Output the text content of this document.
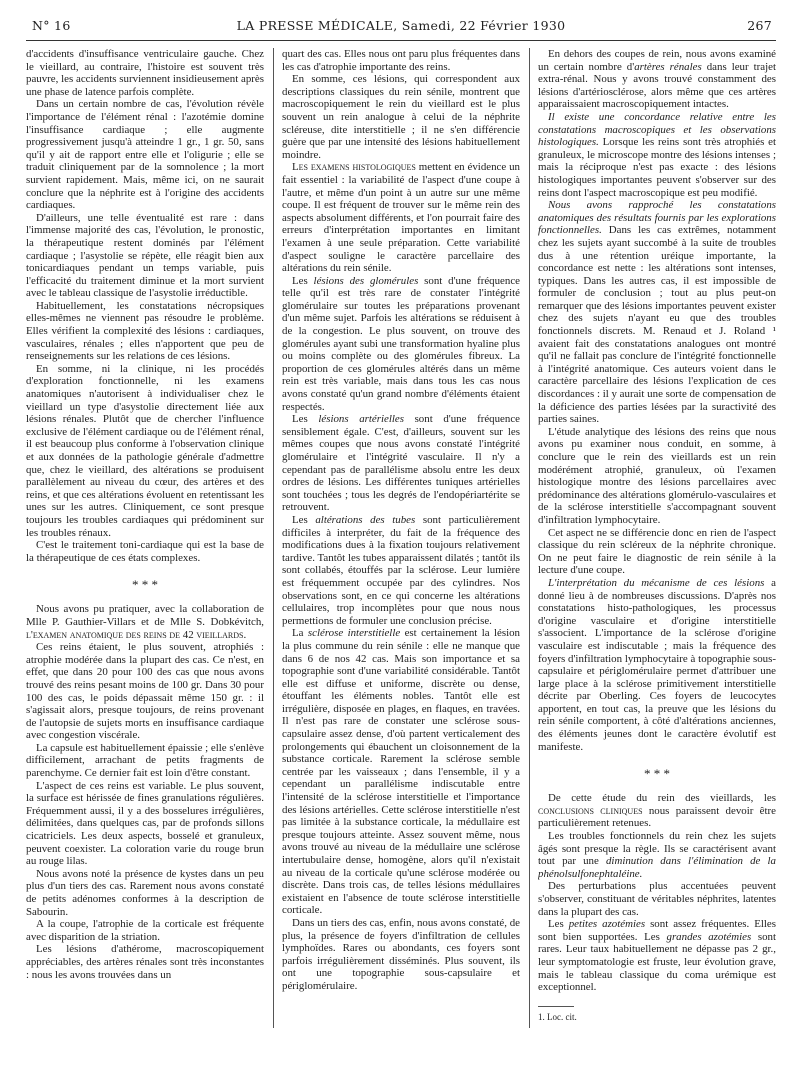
N° 16	LA PRESSE MÉDICALE, Samedi, 22 Février 1930	267

d'accidents d'insuffisance ventriculaire gauche. Chez le vieillard, au contraire, l'histoire est souvent très pauvre, les accidents surviennent insidieusement après une phase de latence parfois complète.

Dans un certain nombre de cas, l'évolution révèle l'importance de l'élément rénal : l'azotémie domine l'insuffisance cardiaque ; elle augmente progressivement jusqu'à atteindre 1 gr., 1 gr. 50, sans qu'il y ait de rapport entre elle et l'oligurie ; elle se traduit cliniquement par de la somnolence ; la mort survient rapidement. Mais, même ici, on ne saurait conclure que la néphrite est à l'origine des accidents cardiaques.

D'ailleurs, une telle éventualité est rare : dans l'immense majorité des cas, l'évolution, le pronostic, la thérapeutique restent dominés par l'élément cardiaque ; l'asystolie se répète, elle réagit bien aux tonicardiaques pendant un temps variable, puis l'efficacité du traitement diminue et la mort survient avec le tableau classique de l'asystolie irréductible.

Habituellement, les constatations nécropsiques elles-mêmes ne viennent pas résoudre le problème. Elles vérifient la complexité des lésions : cardiaques, vasculaires, rénales ; elles n'apportent que peu de renseignements sur les relations de ces lésions.

En somme, ni la clinique, ni les procédés d'exploration fonctionnelle, ni les examens anatomiques n'autorisent à individualiser chez le vieillard un type d'asystolie directement liée aux lésions rénales. Plutôt que de chercher l'influence exclusive de l'élément cardiaque ou de l'élément rénal, il est beaucoup plus conforme à l'observation clinique et aux données de la pathologie générale d'admettre que, chez le vieillard, des altérations se produisent parallèlement au niveau du cœur, des artères et des reins, et que ces altérations évoluent en retentissant les unes sur les autres. Cliniquement, ce sont presque toujours les troubles cardiaques qui prédominent sur les troubles rénaux.

C'est le traitement toni-cardiaque qui est la base de la thérapeutique de ces états complexes.

* * *

Nous avons pu pratiquer, avec la collaboration de Mlle P. Gauthier-Villars et de Mlle S. Dobkévitch, l'examen anatomique des reins de 42 vieillards.

Ces reins étaient, le plus souvent, atrophiés : atrophie modérée dans la plupart des cas. Ce n'est, en effet, que dans 20 pour 100 des cas que nous avons trouvé des reins pesant moins de 100 gr. Dans 30 pour 100 des cas, le poids dépassait même 150 gr. : il s'agissait alors, presque toujours, de reins provenant de l'autopsie de sujets morts en insuffisance cardiaque avec congestion viscérale.

La capsule est habituellement épaissie ; elle s'enlève difficilement, arrachant de petits fragments de parenchyme. Ce dernier fait est loin d'être constant.

L'aspect de ces reins est variable. Le plus souvent, la surface est hérissée de fines granulations régulières. Fréquemment aussi, il y a des bosselures irrégulières, délimitées, dans quelques cas, par de profonds sillons cicatriciels. Les deux aspects, bosselé et granuleux, peuvent coexister. La coloration varie du rouge brun au rouge lilas.

Nous avons noté la présence de kystes dans un peu plus d'un tiers des cas. Rarement nous avons constaté de petits adénomes conformes à la description de Sabourin.

A la coupe, l'atrophie de la corticale est fréquente avec disparition de la striation.

Les lésions d'athérome, macroscopiquement appréciables, des artères rénales sont très inconstantes : nous les avons trouvées dans un

quart des cas. Elles nous ont paru plus fréquentes dans les cas d'atrophie importante des reins.

En somme, ces lésions, qui correspondent aux descriptions classiques du rein sénile, montrent que macroscopiquement le rein du vieillard est le plus souvent un rein analogue à celui de la néphrite scléreuse, dite interstitielle ; il ne s'en différencie guère que par une intensité des lésions habituellement moindre.

Les examens histologiques mettent en évidence un fait essentiel : la variabilité de l'aspect d'une coupe à l'autre, et même d'un point à un autre sur une même coupe. Il est fréquent de trouver sur le même rein des aspects absolument différents, et l'on pourrait faire des erreurs d'interprétation importantes en limitant l'examen à une seule préparation. Cette variabilité d'aspect souligne le caractère parcellaire des altérations du rein sénile.

Les lésions des glomérules sont d'une fréquence telle qu'il est très rare de constater l'intégrité glomérulaire sur toutes les préparations provenant d'un même sujet. Parfois les altérations se réduisent à de la congestion. Le plus souvent, on trouve des glomérules ayant subi une transformation hyaline plus ou moins complète ou des glomérules fibreux. La proportion de ces glomérules altérés dans un même rein est très variable, mais dans tous les cas nous avons constaté qu'un grand nombre d'éléments étaient respectés.

Les lésions artérielles sont d'une fréquence sensiblement égale. C'est, d'ailleurs, souvent sur les mêmes coupes que nous avons constaté l'intégrité glomérulaire et l'intégrité vasculaire. Il n'y a cependant pas de parallélisme absolu entre les deux ordres de lésions. Les différentes tuniques artérielles sont touchées ; tous les degrés de l'endopériartérite se retrouvent.

Les altérations des tubes sont particulièrement difficiles à interpréter, du fait de la fréquence des modifications dues à la fixation toujours relativement tardive. Tantôt les tubes apparaissent dilatés ; tantôt ils sont collabés, étouffés par la sclérose. Leur lumière est fréquemment occupée par des cylindres. Nos observations sont, en ce qui concerne les altérations cellulaires, trop incomplètes pour que nous nous permettions de formuler une conclusion précise.

La sclérose interstitielle est certainement la lésion la plus commune du rein sénile : elle ne manque que dans 6 de nos 42 cas. Mais son importance et sa topographie sont d'une variabilité considérable. Tantôt elle est diffuse et uniforme, discrète ou dense, étouffant les éléments nobles. Tantôt elle est irrégulière, disposée en plages, en flaques, en travées. Il n'est pas rare de constater une sclérose sous-capsulaire assez dense, d'où partent verticalement des prolongements qui ébauchent un cloisonnement de la substance corticale. Rarement la sclérose semble centrée par les vaisseaux ; dans l'ensemble, il y a cependant un parallélisme indiscutable entre l'intensité de la sclérose interstitielle et l'importance des lésions artérielles. Cette sclérose interstitielle n'est pas limitée à la substance corticale, la médullaire est presque toujours atteinte. Assez souvent même, nous avons trouvé au niveau de la médullaire une sclérose intertubulaire dense, homogène, alors qu'il n'existait au niveau de la corticale qu'une sclérose modérée ou discrète. Dans trois cas, de telles lésions médullaires existaient en l'absence de toute sclérose interstitielle corticale.

Dans un tiers des cas, enfin, nous avons constaté, de plus, la présence de foyers d'infiltration de cellules lymphoïdes. Rares ou abondants, ces foyers sont parfois irrégulièrement disséminés. Plus souvent, ils ont une topographie sous-capsulaire et périglomérulaire.

En dehors des coupes de rein, nous avons examiné un certain nombre d'artères rénales dans leur trajet extra-rénal. Nous y avons trouvé constamment des lésions d'artériosclérose, alors même que ces artères apparaissaient macroscopiquement intactes.

Il existe une concordance relative entre les constatations macroscopiques et les observations histologiques. Lorsque les reins sont très atrophiés et granuleux, le microscope montre des lésions intenses ; mais la réciproque n'est pas exacte : des lésions histologiques importantes peuvent s'observer sur des reins dont l'aspect macroscopique est peu modifié.

Nous avons rapproché les constatations anatomiques des résultats fournis par les explorations fonctionnelles. Dans les cas extrêmes, notamment chez les sujets ayant succombé à la suite de troubles dus à une rétention uréique importante, la concordance est nette : les altérations sont intenses, typiques. Dans les autres cas, il est impossible de formuler de conclusion ; tout au plus peut-on remarquer que des lésions importantes peuvent exister chez des sujets n'ayant eu que des troubles fonctionnels discrets. M. Renaud et J. Roland ¹ avaient fait des constatations analogues ont montré qu'il ne fallait pas conclure de l'intégrité fonctionnelle à l'intégrité anatomique. Ces auteurs voient dans le caractère parcellaire des lésions l'explication de ces discordances : il y aurait une sorte de compensation de la déficience des parties lésées par la suractivité des parties saines.

L'étude analytique des lésions des reins que nous avons pu examiner nous conduit, en somme, à conclure que le rein des vieillards est un rein modérément atrophié, granuleux, où l'examen histologique montre des lésions parcellaires avec prédominance des altérations glomérulo-vasculaires et de la sclérose interstitielle s'accompagnant souvent d'infiltration lymphocytaire.

Cet aspect ne se différencie donc en rien de l'aspect classique du rein scléreux de la néphrite chronique. On ne peut faire le diagnostic de rein sénile à la lecture d'une coupe.

L'interprétation du mécanisme de ces lésions a donné lieu à de nombreuses discussions. D'après nos constatations histo-pathologiques, les processus d'origine vasculaire et d'origine interstitielle s'associent. L'importance de la sclérose d'origine vasculaire est indiscutable ; mais la fréquence des foyers d'infiltration lymphocytaire à topographie sous-capsulaire et périglomérulaire permet d'attribuer une large place à la sclérose primitivement interstitielle décrite par Oberling. Ces foyers de leucocytes apportent, en tout cas, la preuve que les lésions du rein sénile comportent, à côté d'altérations anciennes, des éléments jeunes dont le caractère évolutif est manifeste.

* * *

De cette étude du rein des vieillards, les conclusions cliniques nous paraissent devoir être particulièrement retenues.

Les troubles fonctionnels du rein chez les sujets âgés sont presque la règle. Ils se caractérisent avant tout par une diminution dans l'élimination de la phénolsulfonephtaléine.

Des perturbations plus accentuées peuvent s'observer, constituant de véritables néphrites, latentes dans la plupart des cas.

Les petites azotémies sont assez fréquentes. Elles sont bien supportées. Les grandes azotémies sont rares. Leur taux habituellement ne dépasse pas 2 gr., leur symptomatologie est fruste, leur évolution grave, mais le tableau classique du coma urémique est exceptionnel.

1. Loc. cit.
